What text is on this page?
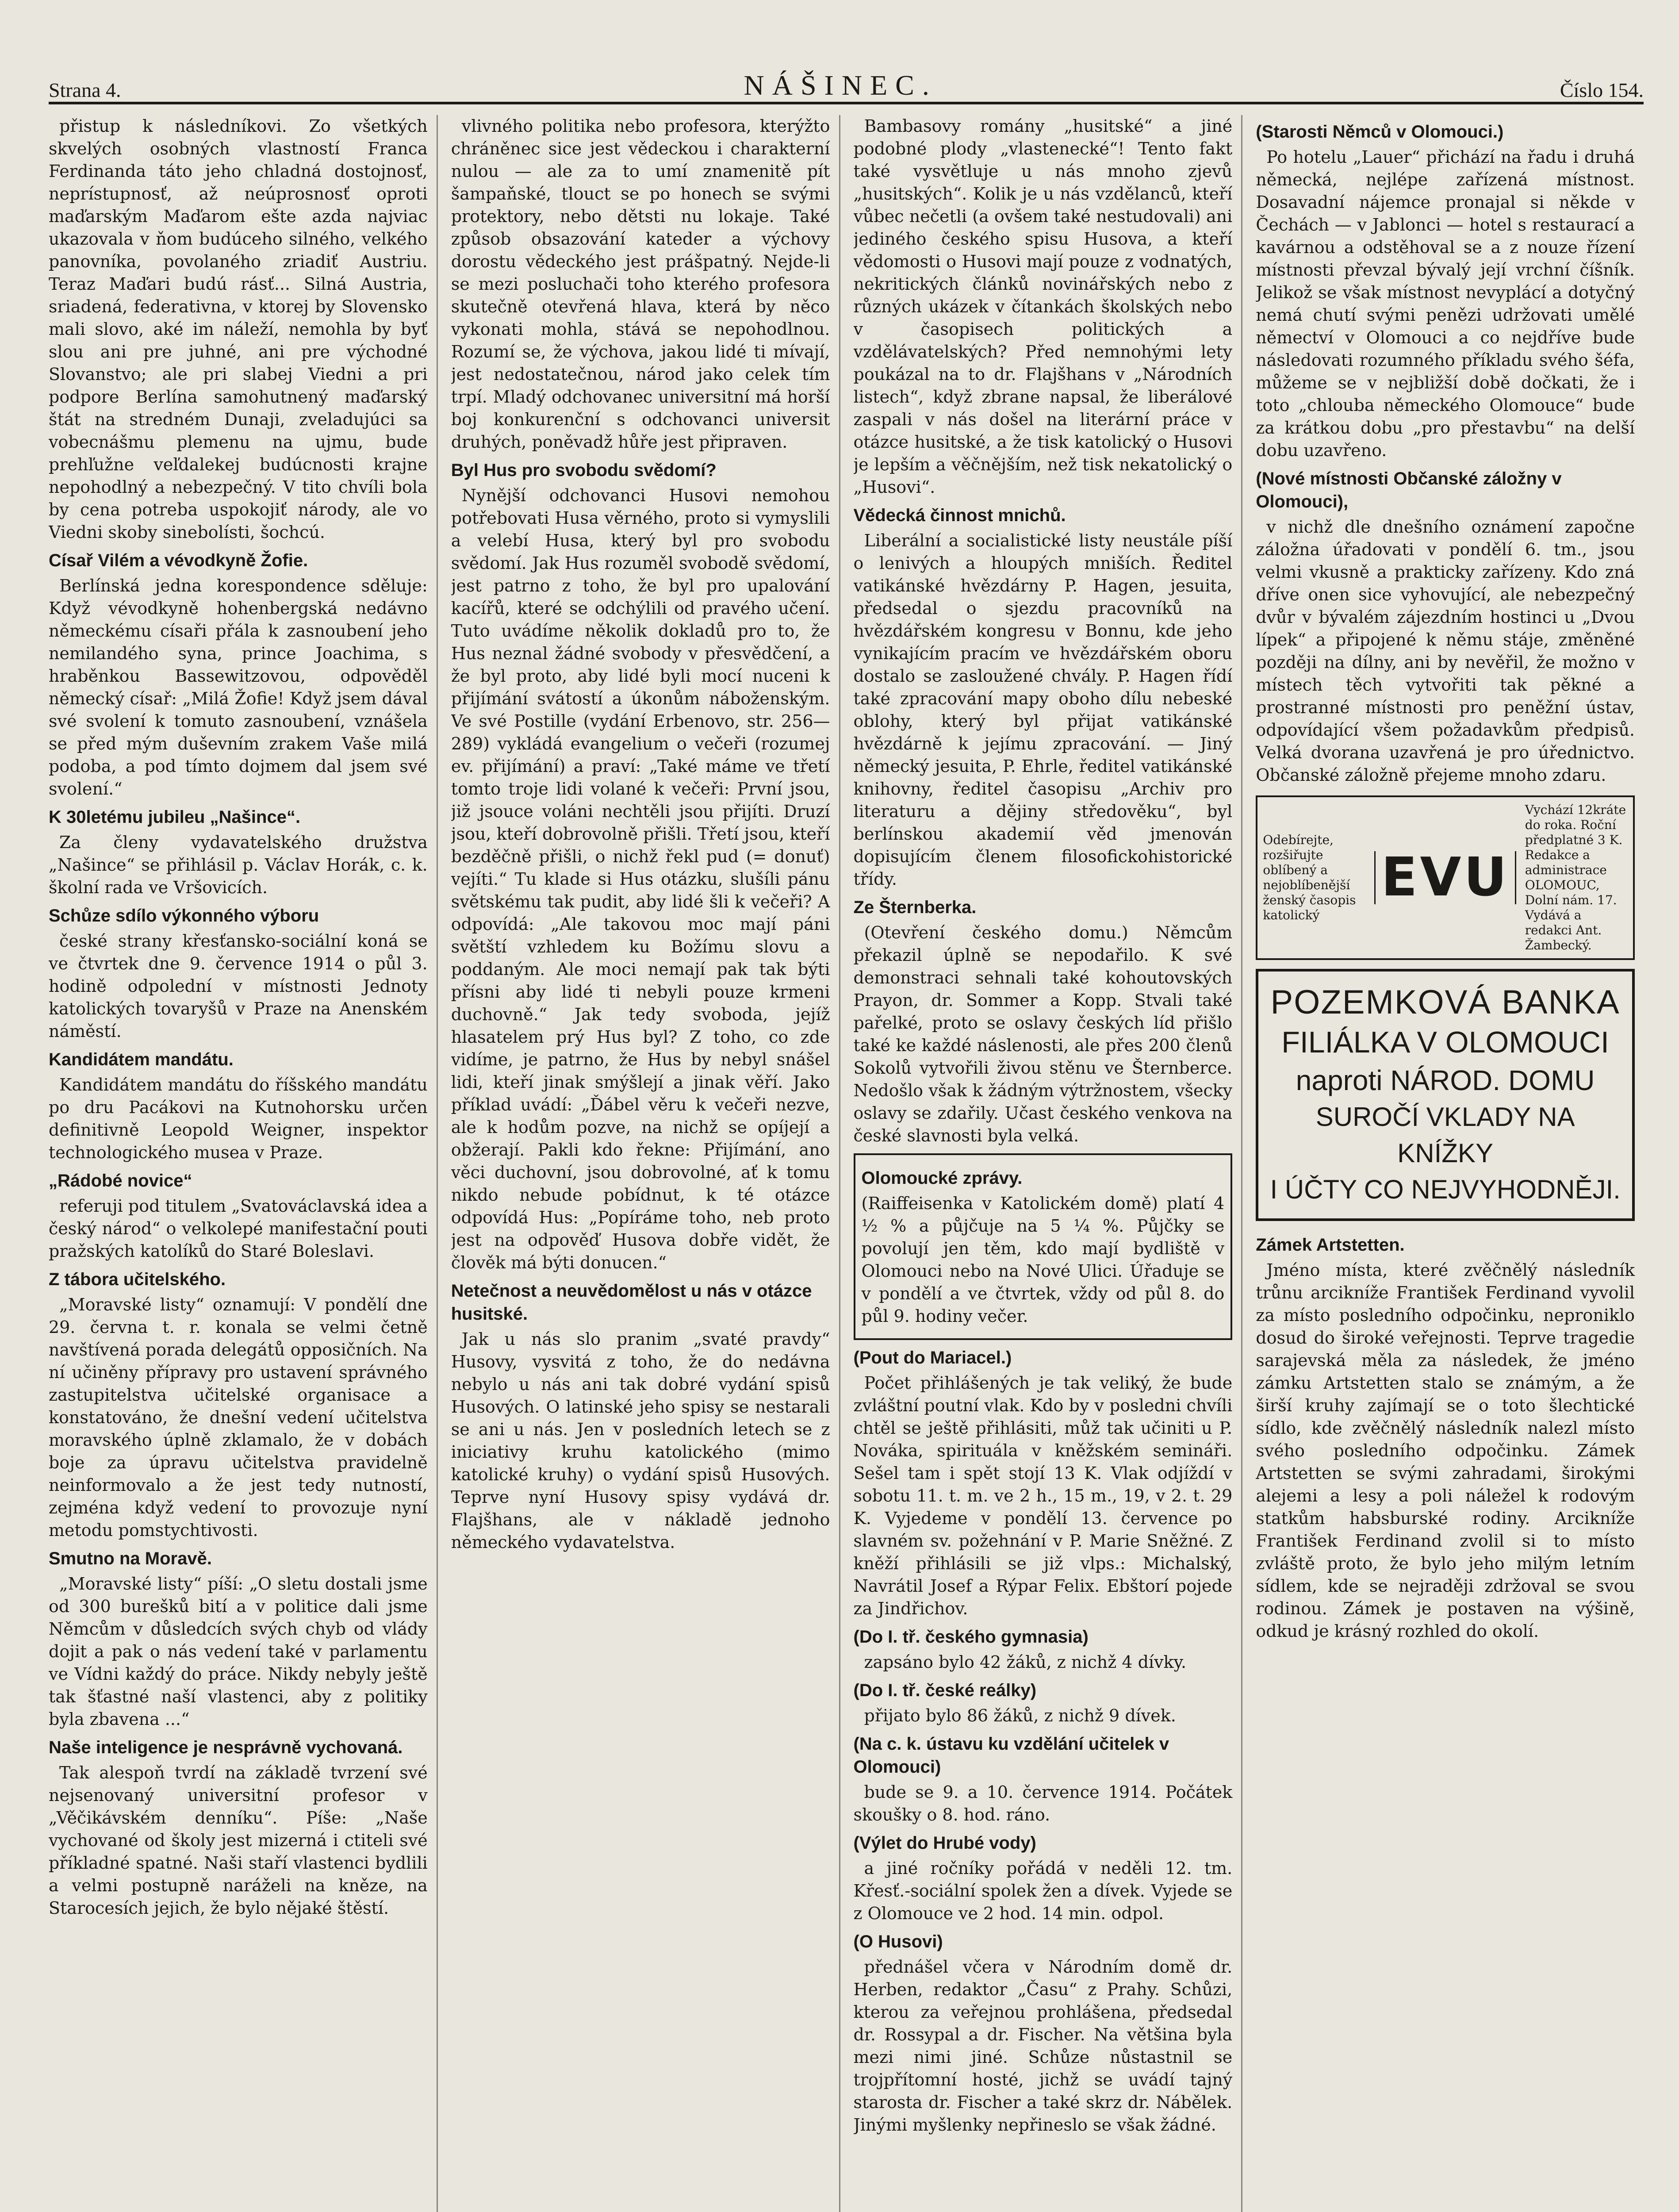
Strana 4.	NÁŠINEC.	Číslo 154.

přistup k následníkovi. Zo všetkých skvelých osobných vlastností Franca Ferdinanda táto jeho chladná dostojnosť, neprístupnosť, až neúprosnosť oproti maďarským Maďarom ešte azda najviac ukazovala v ňom budúceho silného, velkého panovníka, povolaného zriadiť Austriu. Teraz Maďari budú rásť... Silná Austria, sriadená, federativna, v ktorej by Slovensko mali slovo, aké im náleží, nemohla by byť slou ani pre juhné, ani pre východné Slovanstvo; ale pri slabej Viedni a pri podpore Berlína samohutnený maďarský štát na stredném Dunaji, zveladujúci sa vobecnášmu plemenu na ujmu, bude prehľužne veľdalekej budúcnosti krajne nepohodlný a nebezpečný. V tito chvíli bola by cena potreba uspokojiť národy, ale vo Viedni skoby sinebolísti, šochcú.

Císař Vilém a vévodkyně Žofie.

Berlínská jedna korespondence sděluje: Když vévodkyně hohenbergská nedávno německému císaři přála k zasnoubení jeho nemilandého syna, prince Joachima, s hraběnkou Bassewitzovou, odpověděl německý císař: „Milá Žofie! Když jsem dával své svolení k tomuto zasnoubení, vznášela se před mým duševním zrakem Vaše milá podoba, a pod tímto dojmem dal jsem své svolení.“

K 30letému jubileu „Našince“.

Za členy vydavatelského družstva „Našince“ se přihlásil p. Václav Horák, c. k. školní rada ve Vršovicích.

Schůze sdílo výkonného výboru

české strany křesťansko-sociální koná se ve čtvrtek dne 9. července 1914 o půl 3. hodině odpolední v místnosti Jednoty katolických tovaryšů v Praze na Anenském náměstí.

Kandidátem mandátu.

Kandidátem mandátu do říšského mandátu po dru Pacákovi na Kutnohorsku určen definitivně Leopold Weigner, inspektor technologického musea v Praze.

„Rádobé novice“

referuji pod titulem „Svatováclavská idea a český národ“ o velkolepé manifestační pouti pražských katolíků do Staré Boleslavi.

Z tábora učitelského.

„Moravské listy“ oznamují: V pondělí dne 29. června t. r. konala se velmi četně navštívená porada delegátů opposičních. Na ní učiněny přípravy pro ustavení správného zastupitelstva učitelské organisace a konstatováno, že dnešní vedení učitelstva moravského úplně zklamalo, že v dobách boje za úpravu učitelstva pravidelně neinformovalo a že jest tedy nutností, zejména když vedení to provozuje nyní metodu pomstychtivosti.

Smutno na Moravě.

„Moravské listy“ píší: „O sletu dostali jsme od 300 burešků bití a v politice dali jsme Němcům v důsledcích svých chyb od vlády dojit a pak o nás vedení také v parlamentu ve Vídni každý do práce. Nikdy nebyly ještě tak šťastné naší vlastenci, aby z politiky byla zbavena ...“

Naše inteligence je nesprávně vychovaná.

Tak alespoň tvrdí na základě tvrzení své nejsenovaný universitní profesor v „Věčikávském denníku“. Píše: „Naše vychované od školy jest mizerná i ctiteli své příkladné spatné. Naši staří vlastenci bydlili a velmi postupně naráželi na kněze, na Starocesích jejich, že bylo nějaké štěstí.

vlivného politika nebo profesora, kterýžto chráněnec sice jest vědeckou i charakterní nulou — ale za to umí znamenitě pít šampaňské, tlouct se po honech se svými protektory, nebo dětsti nu lokaje. Také způsob obsazování kateder a výchovy dorostu vědeckého jest prášpatný. Nejde-li se mezi posluchači toho kterého profesora skutečně otevřená hlava, která by něco vykonati mohla, stává se nepohodlnou. Rozumí se, že výchova, jakou lidé ti mívají, jest nedostatečnou, národ jako celek tím trpí. Mladý odchovanec universitní má horší boj konkurenční s odchovanci universit druhých, poněvadž hůře jest připraven.

Byl Hus pro svobodu svědomí?

Nynější odchovanci Husovi nemohou potřebovati Husa věrného, proto si vymyslili a velebí Husa, který byl pro svobodu svědomí. Jak Hus rozuměl svobodě svědomí, jest patrno z toho, že byl pro upalování kacířů, které se odchýlili od pravého učení. Tuto uvádíme několik dokladů pro to, že Hus neznal žádné svobody v přesvědčení, a že byl proto, aby lidé byli mocí nuceni k přijímání svátostí a úkonům náboženským. Ve své Postille (vydání Erbenovo, str. 256—289) vykládá evangelium o večeři (rozumej ev. přijímání) a praví: „Také máme ve třetí tomto troje lidi volané k večeři: První jsou, již jsouce voláni nechtěli jsou přijíti. Druzí jsou, kteří dobrovolně přišli. Třetí jsou, kteří bezděčně přišli, o nichž řekl pud (= donuť) vejíti.“ Tu klade si Hus otázku, slušíli pánu světskému tak pudit, aby lidé šli k večeři? A odpovídá: „Ale takovou moc mají páni světští vzhledem ku Božímu slovu a poddaným. Ale moci nemají pak tak býti přísni aby lidé ti nebyli pouze krmeni duchovně.“ Jak tedy svoboda, jejíž hlasatelem prý Hus byl? Z toho, co zde vidíme, je patrno, že Hus by nebyl snášel lidi, kteří jinak smýšlejí a jinak věří. Jako příklad uvádí: „Ďábel věru k večeři nezve, ale k hodům pozve, na nichž se opíjejí a obžerají. Pakli kdo řekne: Přijímání, ano věci duchovní, jsou dobrovolné, ať k tomu nikdo nebude pobídnut, k té otázce odpovídá Hus: „Popíráme toho, neb proto jest na odpověď Husova dobře vidět, že člověk má býti donucen.“

Netečnost a neuvědomělost u nás v otázce husitské.

Jak u nás slo pranim „svaté pravdy“ Husovy, vysvitá z toho, že do nedávna nebylo u nás ani tak dobré vydání spisů Husových. O latinské jeho spisy se nestarali se ani u nás. Jen v posledních letech se z iniciativy kruhu katolického (mimo katolické kruhy) o vydání spisů Husových. Teprve nyní Husovy spisy vydává dr. Flajšhans, ale v nákladě jednoho německého vydavatelstva.

Bambasovy romány „husitské“ a jiné podobné plody „vlastenecké“! Tento fakt také vysvětluje u nás mnoho zjevů „husitských“. Kolik je u nás vzdělanců, kteří vůbec nečetli (a ovšem také nestudovali) ani jediného českého spisu Husova, a kteří vědomosti o Husovi mají pouze z vodnatých, nekritických článků novinářských nebo z různých ukázek v čítankách školských nebo v časopisech politických a vzdělávatelských? Před nemnohými lety poukázal na to dr. Flajšhans v „Národních listech“, když zbrane napsal, že liberálové zaspali v nás došel na literární práce v otázce husitské, a že tisk katolický o Husovi je lepším a věčnějším, než tisk nekatolický o „Husovi“.

Vědecká činnost mnichů.

Liberální a socialistické listy neustále píší o lenivých a hloupých mniších. Ředitel vatikánské hvězdárny P. Hagen, jesuita, předsedal o sjezdu pracovníků na hvězdářském kongresu v Bonnu, kde jeho vynikajícím pracím ve hvězdářském oboru dostalo se zasloužené chvály. P. Hagen řídí také zpracování mapy oboho dílu nebeské oblohy, který byl přijat vatikánské hvězdárně k jejímu zpracování. — Jiný německý jesuita, P. Ehrle, ředitel vatikánské knihovny, ředitel časopisu „Archiv pro literaturu a dějiny středověku“, byl berlínskou akademií věd jmenován dopisujícím členem filosofickohistorické třídy.

Ze Šternberka.

(Otevření českého domu.) Němcům překazil úplně se nepodařilo. K své demonstraci sehnali také kohoutovských Prayon, dr. Sommer a Kopp. Stvali také pařelké, proto se oslavy českých líd přišlo také ke každé náslenosti, ale přes 200 členů Sokolů vytvořili živou stěnu ve Šternberce. Nedošlo však k žádným výtržnostem, všecky oslavy se zdařily. Učast českého venkova na české slavnosti byla velká.

Olomoucké zprávy.

(Raiffeisenka v Katolickém domě) platí 4 ½ % a půjčuje na 5 ¼ %. Půjčky se povolují jen těm, kdo mají bydliště v Olomouci nebo na Nové Ulici. Úřaduje se v pondělí a ve čtvrtek, vždy od půl 8. do půl 9. hodiny večer.

(Pout do Mariacel.)

Počet přihlášených je tak veliký, že bude zvláštní poutní vlak. Kdo by v posledni chvíli chtěl se ještě přihlásiti, můž tak učiniti u P. Nováka, spirituála v kněžském semináři. Sešel tam i spět stojí 13 K. Vlak odjíždí v sobotu 11. t. m. ve 2 h., 15 m., 19, v 2. t. 29 K. Vyjedeme v pondělí 13. července po slavném sv. požehnání v P. Marie Sněžné. Z kněží přihlásili se již vlps.: Michalský, Navrátil Josef a Rýpar Felix. Ebštorí pojede za Jindřichov.

(Do I. tř. českého gymnasia)

zapsáno bylo 42 žáků, z nichž 4 dívky.

(Do I. tř. české reálky)

přijato bylo 86 žáků, z nichž 9 dívek.

(Na c. k. ústavu ku vzdělání učitelek v Olomouci)

bude se 9. a 10. července 1914. Počátek skoušky o 8. hod. ráno.

(Výlet do Hrubé vody)

a jiné ročníky pořádá v neděli 12. tm. Křesť.-sociální spolek žen a dívek. Vyjede se z Olomouce ve 2 hod. 14 min. odpol.

(O Husovi)

přednášel včera v Národním domě dr. Herben, redaktor „Času“ z Prahy. Schůzi, kterou za veřejnou prohlášena, předsedal dr. Rossypal a dr. Fischer. Na většina byla mezi nimi jiné. Schůze nůstastnil se trojpřítomní hosté, jichž se uvádí tajný starosta dr. Fischer a také skrz dr. Nábělek. Jinými myšlenky nepřineslo se však žádné.

(Starosti Němců v Olomouci.)

Po hotelu „Lauer“ přichází na řadu i druhá německá, nejlépe zařízená místnost. Dosavadní nájemce pronajal si někde v Čechách — v Jablonci — hotel s restaurací a kavárnou a odstěhoval se a z nouze řízení místnosti převzal bývalý její vrchní číšník. Jelikož se však místnost nevyplácí a dotyčný nemá chutí svými penězi udržovati umělé němectví v Olomouci a co nejdříve bude následovati rozumného příkladu svého šéfa, můžeme se v nejbližší době dočkati, že i toto „chlouba německého Olomouce“ bude za krátkou dobu „pro přestavbu“ na delší dobu uzavřeno.

(Nové místnosti Občanské záložny v Olomouci),

v nichž dle dnešního oznámení započne záložna úřadovati v pondělí 6. tm., jsou velmi vkusně a prakticky zařízeny. Kdo zná dříve onen sice vyhovující, ale nebezpečný dvůr v bývalém zájezdním hostinci u „Dvou lípek“ a připojené k němu stáje, změněné později na dílny, ani by nevěřil, že možno v místech těch vytvořiti tak pěkné a prostranné místnosti pro peněžní ústav, odpovídající všem požadavkům předpisů. Velká dvorana uzavřená je pro úřednictvo. Občanské záložně přejeme mnoho zdaru.

Odebírejte, rozšiřujte oblíbený a nejoblíbenější ženský časopis katolický
EVU
Vychází 12kráte do roka. Roční předplatné 3 K. Redakce a administrace OLOMOUC, Dolní nám. 17. Vydává a redakci Ant. Žambecký.
POZEMKOVÁ BANKA
FILIÁLKA V OLOMOUCI
naproti NÁROD. DOMU
SUROČÍ VKLADY NA KNÍŽKY
I ÚČTY CO NEJVYHODNĚJI.
Zámek Artstetten.

Jméno místa, které zvěčnělý následník trůnu arcikníže František Ferdinand vyvolil za místo posledního odpočinku, neproniklo dosud do široké veřejnosti. Teprve tragedie sarajevská měla za následek, že jméno zámku Artstetten stalo se známým, a že širší kruhy zajímají se o toto šlechtické sídlo, kde zvěčnělý následník nalezl místo svého posledního odpočinku. Zámek Artstetten se svými zahradami, širokými alejemi a lesy a poli náležel k rodovým statkům habsburské rodiny. Arcikníže František Ferdinand zvolil si to místo zvláště proto, že bylo jeho milým letním sídlem, kde se nejraději zdržoval se svou rodinou. Zámek je postaven na výšině, odkud je krásný rozhled do okolí.
